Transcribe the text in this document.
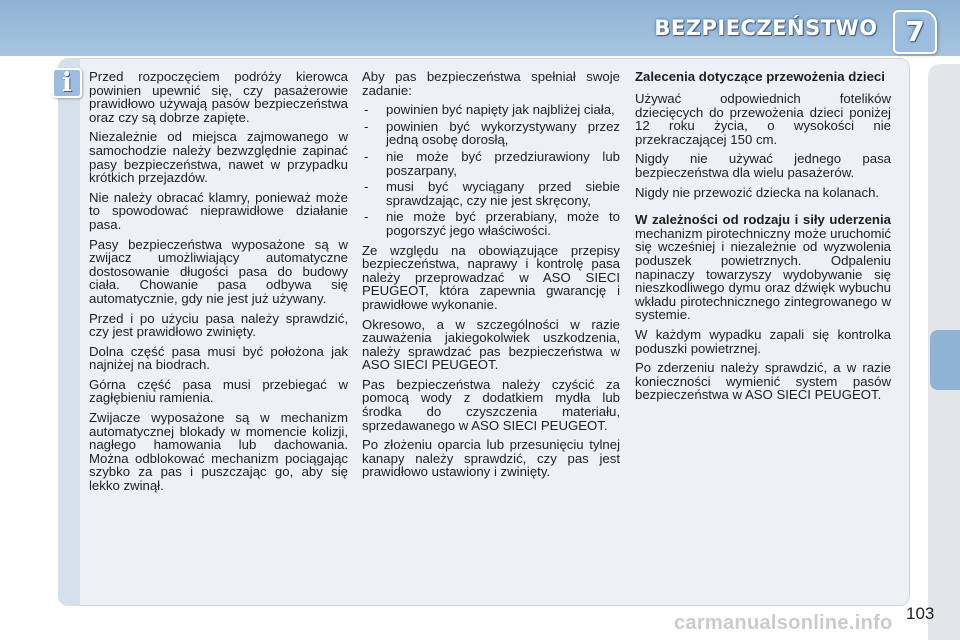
BEZPIECZEŃSTWO 7
i	Przed rozpoczęciem podróży kierowca powinien upewnić się, czy pasażerowie prawidłowo używają pasów bezpieczeństwa oraz czy są dobrze zapięte.

Niezależnie od miejsca zajmowanego w samochodzie należy bezwzględnie zapinać pasy bezpieczeństwa, nawet w przypadku krótkich przejazdów.

Nie należy obracać klamry, ponieważ może to spowodować nieprawidłowe działanie pasa.

Pasy bezpieczeństwa wyposażone są w zwijacz umożliwiający automatyczne dostosowanie długości pasa do budowy ciała. Chowanie pasa odbywa się automatycznie, gdy nie jest już używany.

Przed i po użyciu pasa należy sprawdzić, czy jest prawidłowo zwinięty.

Dolna część pasa musi być położona jak najniżej na biodrach.

Górna część pasa musi przebiegać w zagłębieniu ramienia.

Zwijacze wyposażone są w mechanizm automatycznej blokady w momencie kolizji, nagłego hamowania lub dachowania. Można odblokować mechanizm pociągając szybko za pas i puszczając go, aby się lekko zwinął.

Aby pas bezpieczeństwa spełniał swoje zadanie:

- powinien być napięty jak najbliżej ciała,
- powinien być wykorzystywany przez jedną osobę dorosłą,
- nie może być przedziurawiony lub poszarpany,
- musi być wyciągany przed siebie sprawdzając, czy nie jest skręcony,
- nie może być przerabiany, może to pogorszyć jego właściwości.

Ze względu na obowiązujące przepisy bezpieczeństwa, naprawy i kontrolę pasa należy przeprowadzać w ASO SIECI PEUGEOT, która zapewnia gwarancję i prawidłowe wykonanie.

Okresowo, a w szczególności w razie zauważenia jakiegokolwiek uszkodzenia, należy sprawdzać pas bezpieczeństwa w ASO SIECI PEUGEOT.

Pas bezpieczeństwa należy czyścić za pomocą wody z dodatkiem mydła lub środka do czyszczenia materiału, sprzedawanego w ASO SIECI PEUGEOT.

Po złożeniu oparcia lub przesunięciu tylnej kanapy należy sprawdzić, czy pas jest prawidłowo ustawiony i zwinięty.

Zalecenia dotyczące przewożenia dzieci

Używać odpowiednich fotelików dziecięcych do przewożenia dzieci poniżej 12 roku życia, o wysokości nie przekraczającej 150 cm.

Nigdy nie używać jednego pasa bezpieczeństwa dla wielu pasażerów.

Nigdy nie przewozić dziecka na kolanach.

W zależności od rodzaju i siły uderzenia mechanizm pirotechniczny może uruchomić się wcześniej i niezależnie od wyzwolenia poduszek powietrznych. Odpaleniu napinaczy towarzyszy wydobywanie się nieszkodliwego dymu oraz dźwięk wybuchu wkładu pirotechnicznego zintegrowanego w systemie.

W każdym wypadku zapali się kontrolka poduszki powietrznej.

Po zderzeniu należy sprawdzić, a w razie konieczności wymienić system pasów bezpieczeństwa w ASO SIECI PEUGEOT.

carmanualsonline.info 103
